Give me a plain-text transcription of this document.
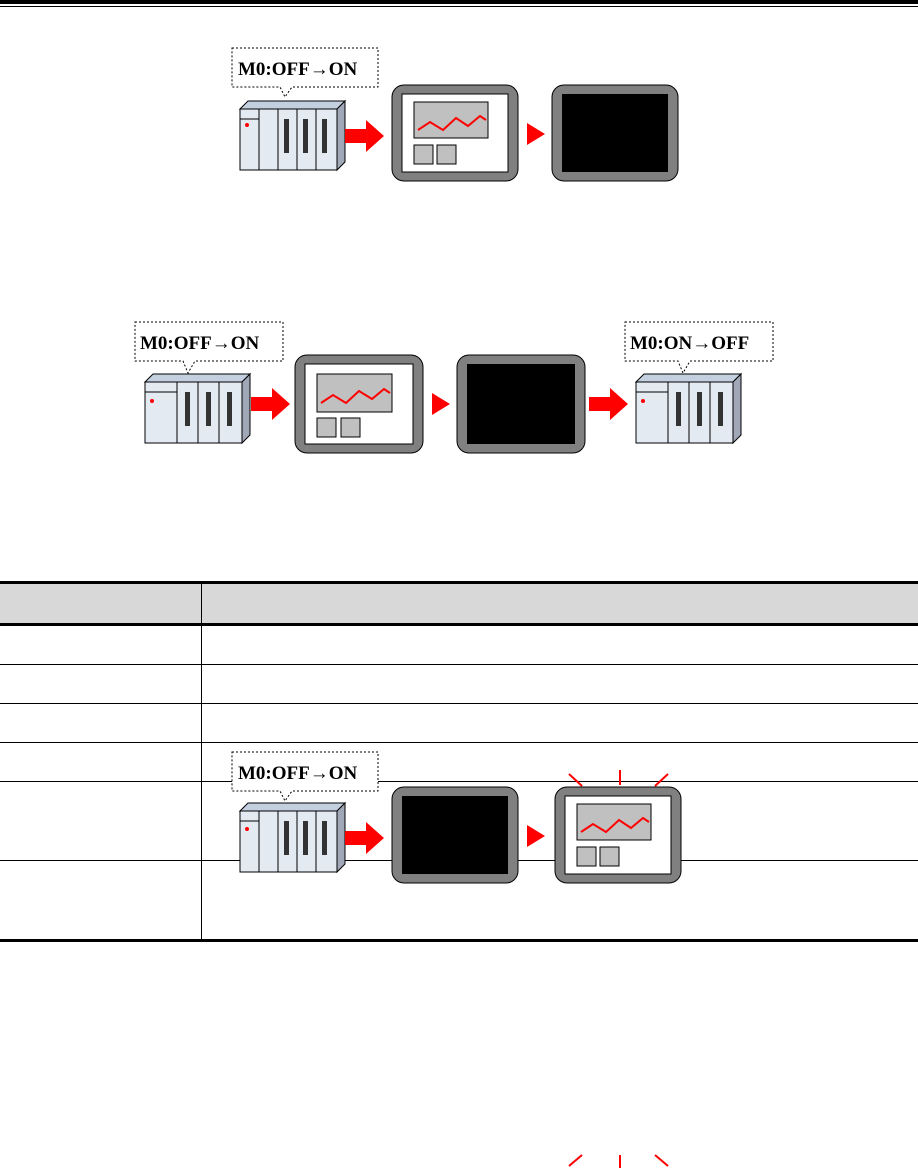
M0:OFF→ON
M0:OFF→ON	M0:ON→OFF

M0:OFF→ON
